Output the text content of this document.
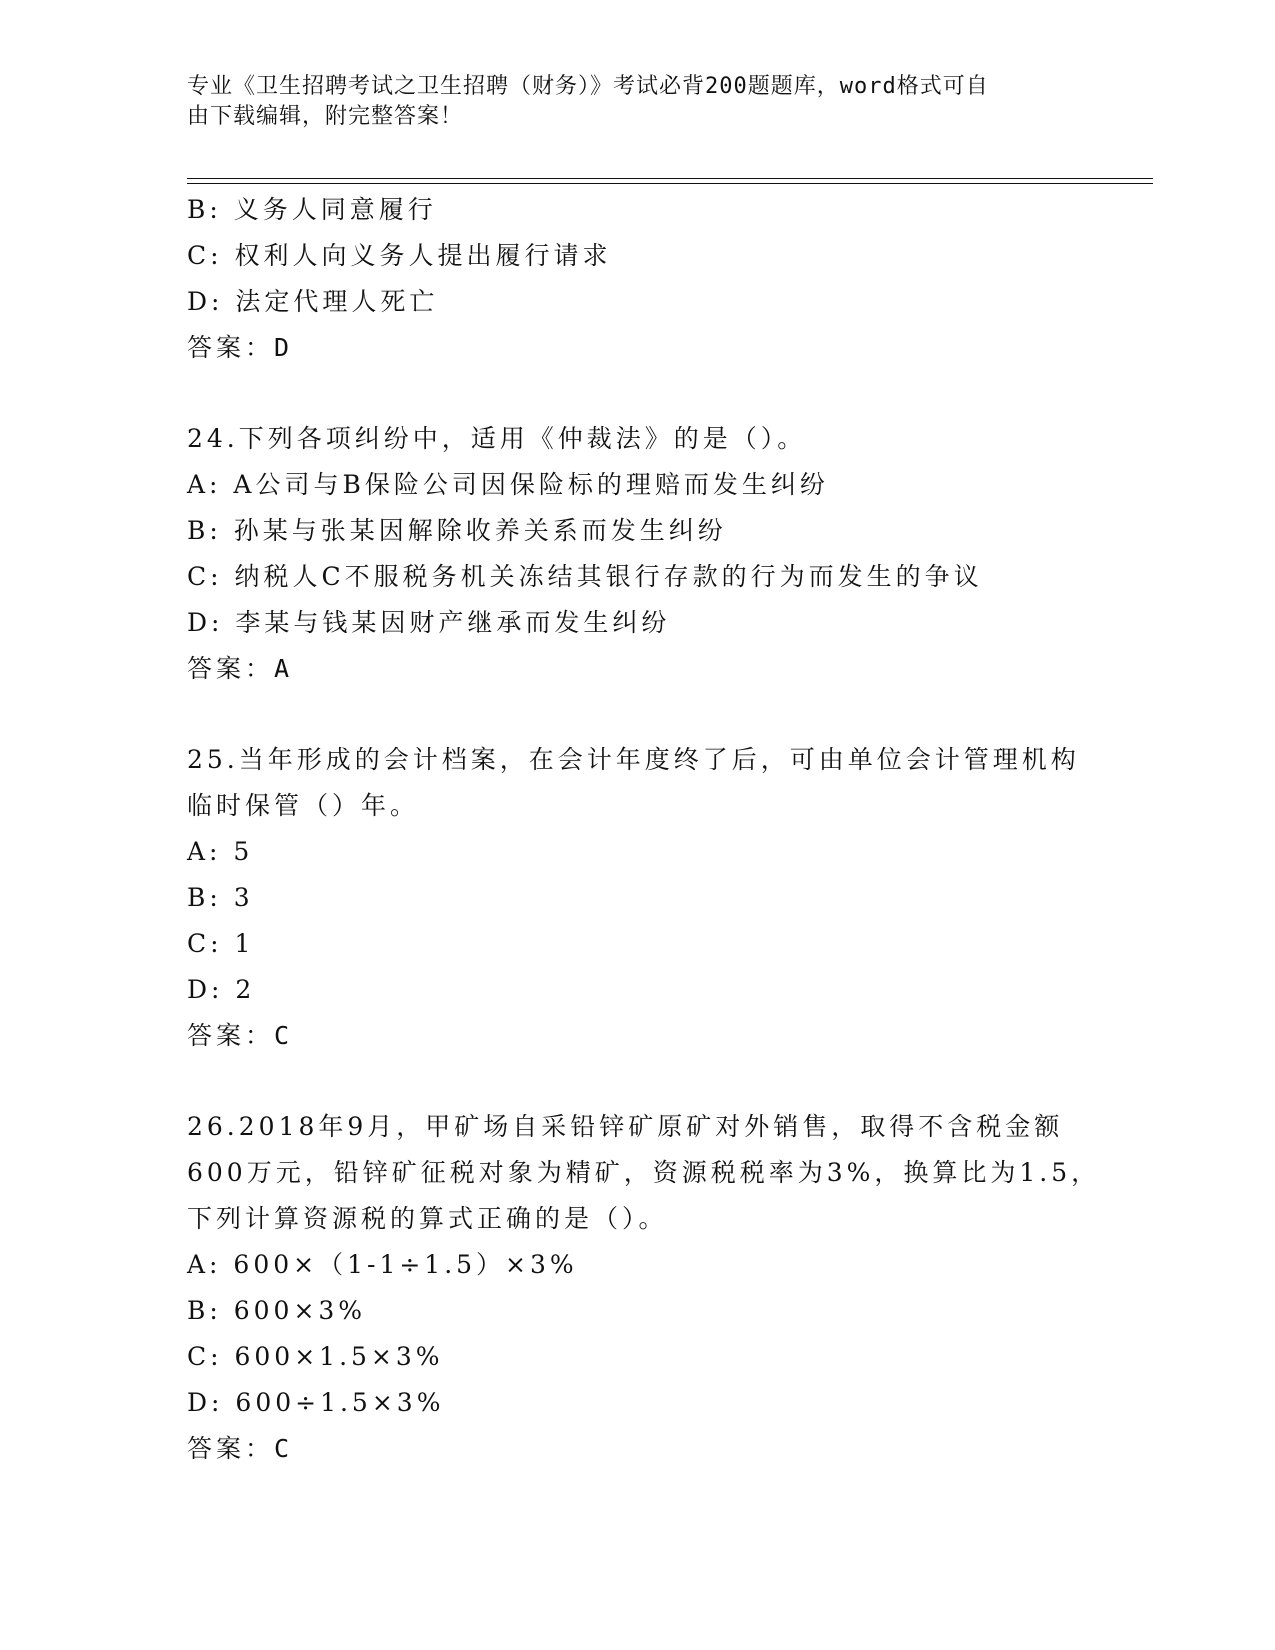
专业《卫生招聘考试之卫生招聘（财务）》考试必背200题题库，word格式可自
由下载编辑，附完整答案！
B: 义务人同意履行
C: 权利人向义务人提出履行请求
D: 法定代理人死亡
答案：D
24.下列各项纠纷中，适用《仲裁法》的是（）。
A: A公司与B保险公司因保险标的理赔而发生纠纷
B: 孙某与张某因解除收养关系而发生纠纷
C: 纳税人C不服税务机关冻结其银行存款的行为而发生的争议
D: 李某与钱某因财产继承而发生纠纷
答案：A
25.当年形成的会计档案，在会计年度终了后，可由单位会计管理机构
临时保管（）年。
A: 5
B: 3
C: 1
D: 2
答案：C
26.2018年9月，甲矿场自采铅锌矿原矿对外销售，取得不含税金额
600万元，铅锌矿征税对象为精矿，资源税税率为3%，换算比为1.5，
下列计算资源税的算式正确的是（）。
A: 600×（1-1÷1.5）×3%
B: 600×3%
C: 600×1.5×3%
D: 600÷1.5×3%
答案：C
